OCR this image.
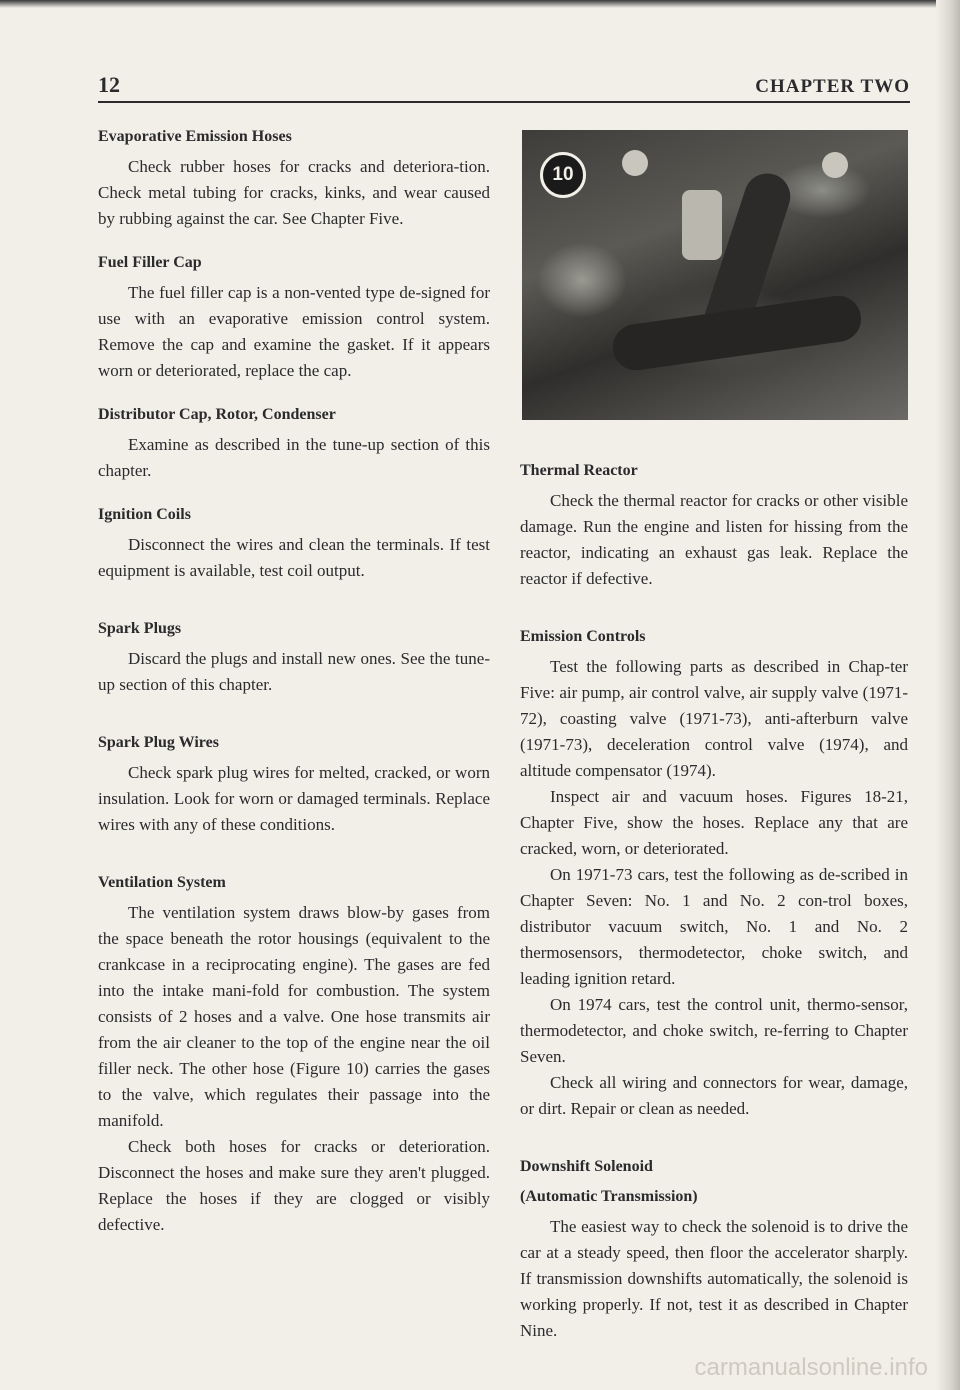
12	CHAPTER TWO
Evaporative Emission Hoses

Check rubber hoses for cracks and deteriora-tion. Check metal tubing for cracks, kinks, and wear caused by rubbing against the car. See Chapter Five.

Fuel Filler Cap

The fuel filler cap is a non-vented type de-signed for use with an evaporative emission control system. Remove the cap and examine the gasket. If it appears worn or deteriorated, replace the cap.

Distributor Cap, Rotor, Condenser

Examine as described in the tune-up section of this chapter.

Ignition Coils

Disconnect the wires and clean the terminals. If test equipment is available, test coil output.

Spark Plugs

Discard the plugs and install new ones. See the tune-up section of this chapter.

Spark Plug Wires

Check spark plug wires for melted, cracked, or worn insulation. Look for worn or damaged terminals. Replace wires with any of these conditions.

Ventilation System

The ventilation system draws blow-by gases from the space beneath the rotor housings (equivalent to the crankcase in a reciprocating engine). The gases are fed into the intake mani-fold for combustion. The system consists of 2 hoses and a valve. One hose transmits air from the air cleaner to the top of the engine near the oil filler neck. The other hose (Figure 10) carries the gases to the valve, which regulates their passage into the manifold.

Check both hoses for cracks or deterioration. Disconnect the hoses and make sure they aren't plugged. Replace the hoses if they are clogged or visibly defective.

10
Thermal Reactor

Check the thermal reactor for cracks or other visible damage. Run the engine and listen for hissing from the reactor, indicating an exhaust gas leak. Replace the reactor if defective.

Emission Controls

Test the following parts as described in Chap-ter Five: air pump, air control valve, air supply valve (1971-72), coasting valve (1971-73), anti-afterburn valve (1971-73), deceleration control valve (1974), and altitude compensator (1974).

Inspect air and vacuum hoses. Figures 18-21, Chapter Five, show the hoses. Replace any that are cracked, worn, or deteriorated.

On 1971-73 cars, test the following as de-scribed in Chapter Seven: No. 1 and No. 2 con-trol boxes, distributor vacuum switch, No. 1 and No. 2 thermosensors, thermodetector, choke switch, and leading ignition retard.

On 1974 cars, test the control unit, thermo-sensor, thermodetector, and choke switch, re-ferring to Chapter Seven.

Check all wiring and connectors for wear, damage, or dirt. Repair or clean as needed.

Downshift Solenoid
(Automatic Transmission)

The easiest way to check the solenoid is to drive the car at a steady speed, then floor the accelerator sharply. If transmission downshifts automatically, the solenoid is working properly. If not, test it as described in Chapter Nine.

carmanualsonline.info
